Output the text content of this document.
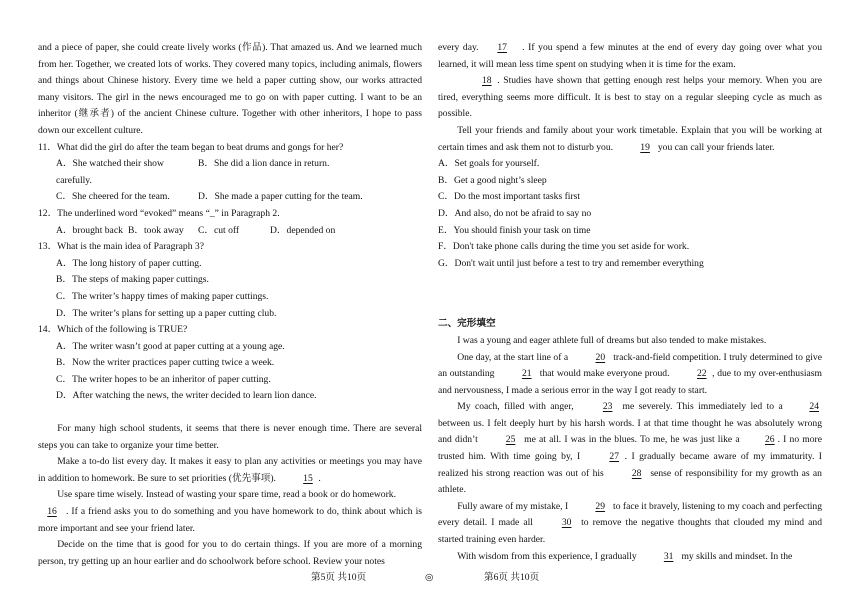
and a piece of paper, she could create lively works (作品). That amazed us. And we learned much from her. Together, we created lots of works. They covered many topics, including animals, flowers and things about Chinese history. Every time we held a paper cutting show, our works attracted many visitors. The girl in the news encouraged me to go on with paper cutting. I want to be an inheritor (继承者) of the ancient Chinese culture. Together with other inheritors, I hope to pass down our excellent culture.

11．What did the girl do after the team began to beat drums and gongs for her?

A．She watched their show carefully.
B．She did a lion dance in return.
C．She cheered for the team.	D．She made a paper cutting for the team.

12．The underlined word “evoked” means “_” in Paragraph 2.

A．brought back B．took away	C．cut off	D．depended on

13．What is the main idea of Paragraph 3?

A．The long history of paper cutting.

B．The steps of making paper cuttings.

C．The writer’s happy times of making paper cuttings.

D．The writer’s plans for setting up a paper cutting club.

14．Which of the following is TRUE?

A．The writer wasn’t good at paper cutting at a young age.

B．Now the writer practices paper cutting twice a week.

C．The writer hopes to be an inheritor of paper cutting.

D．After watching the news, the writer decided to learn lion dance.

For many high school students, it seems that there is never enough time. There are several steps you can take to organize your time better.

Make a to-do list every day. It makes it easy to plan any activities or meetings you may have in addition to homework. Be sure to set priorities (优先事项).	15 .

Use spare time wisely. Instead of wasting your spare time, read a book or do homework.
16 . If a friend asks you to do something and you have homework to do, think about which is more important and see your friend later.

Decide on the time that is good for you to do certain things. If you are more of a morning person, try getting up an hour earlier and do schoolwork before school. Review your notes

every day. 17 . If you spend a few minutes at the end of every day going over what you learned, it will mean less time spent on studying when it is time for the exam.

18 . Studies have shown that getting enough rest helps your memory. When you are tired, everything seems more difficult. It is best to stay on a regular sleeping cycle as much as possible.

Tell your friends and family about your work timetable. Explain that you will be working at certain times and ask them not to disturb you.	19 you can call your friends later.

A．Set goals for yourself.

B．Get a good night’s sleep

C．Do the most important tasks first

D．And also, do not be afraid to say no

E．You should finish your task on time

F．Don't take phone calls during the time you set aside for work.

G．Don't wait until just before a test to try and remember everything

二、完形填空

I was a young and eager athlete full of dreams but also tended to make mistakes.

One day, at the start line of a	20 track-and-field competition. I truly determined to give an outstanding	21 that would make everyone proud.	22 , due to my over-enthusiasm and nervousness, I made a serious error in the way I got ready to start.

My coach, filled with anger,	23 me severely. This immediately led to a	24 between us. I felt deeply hurt by his harsh words. I at that time thought he was absolutely wrong and didn’t	25 me at all. I was in the blues. To me, he was just like a	26 . I no more trusted him. With time going by, I	27 . I gradually became aware of my immaturity. I realized his strong reaction was out of his	28 sense of responsibility for my growth as an athlete.

Fully aware of my mistake, I	29 to face it bravely, listening to my coach and perfecting every detail. I made all	30 to remove the negative thoughts that clouded my mind and started training even harder.

With wisdom from this experience, I gradually	31 my skills and mindset. In the

第5页 共10页	◎	第6页 共10页
